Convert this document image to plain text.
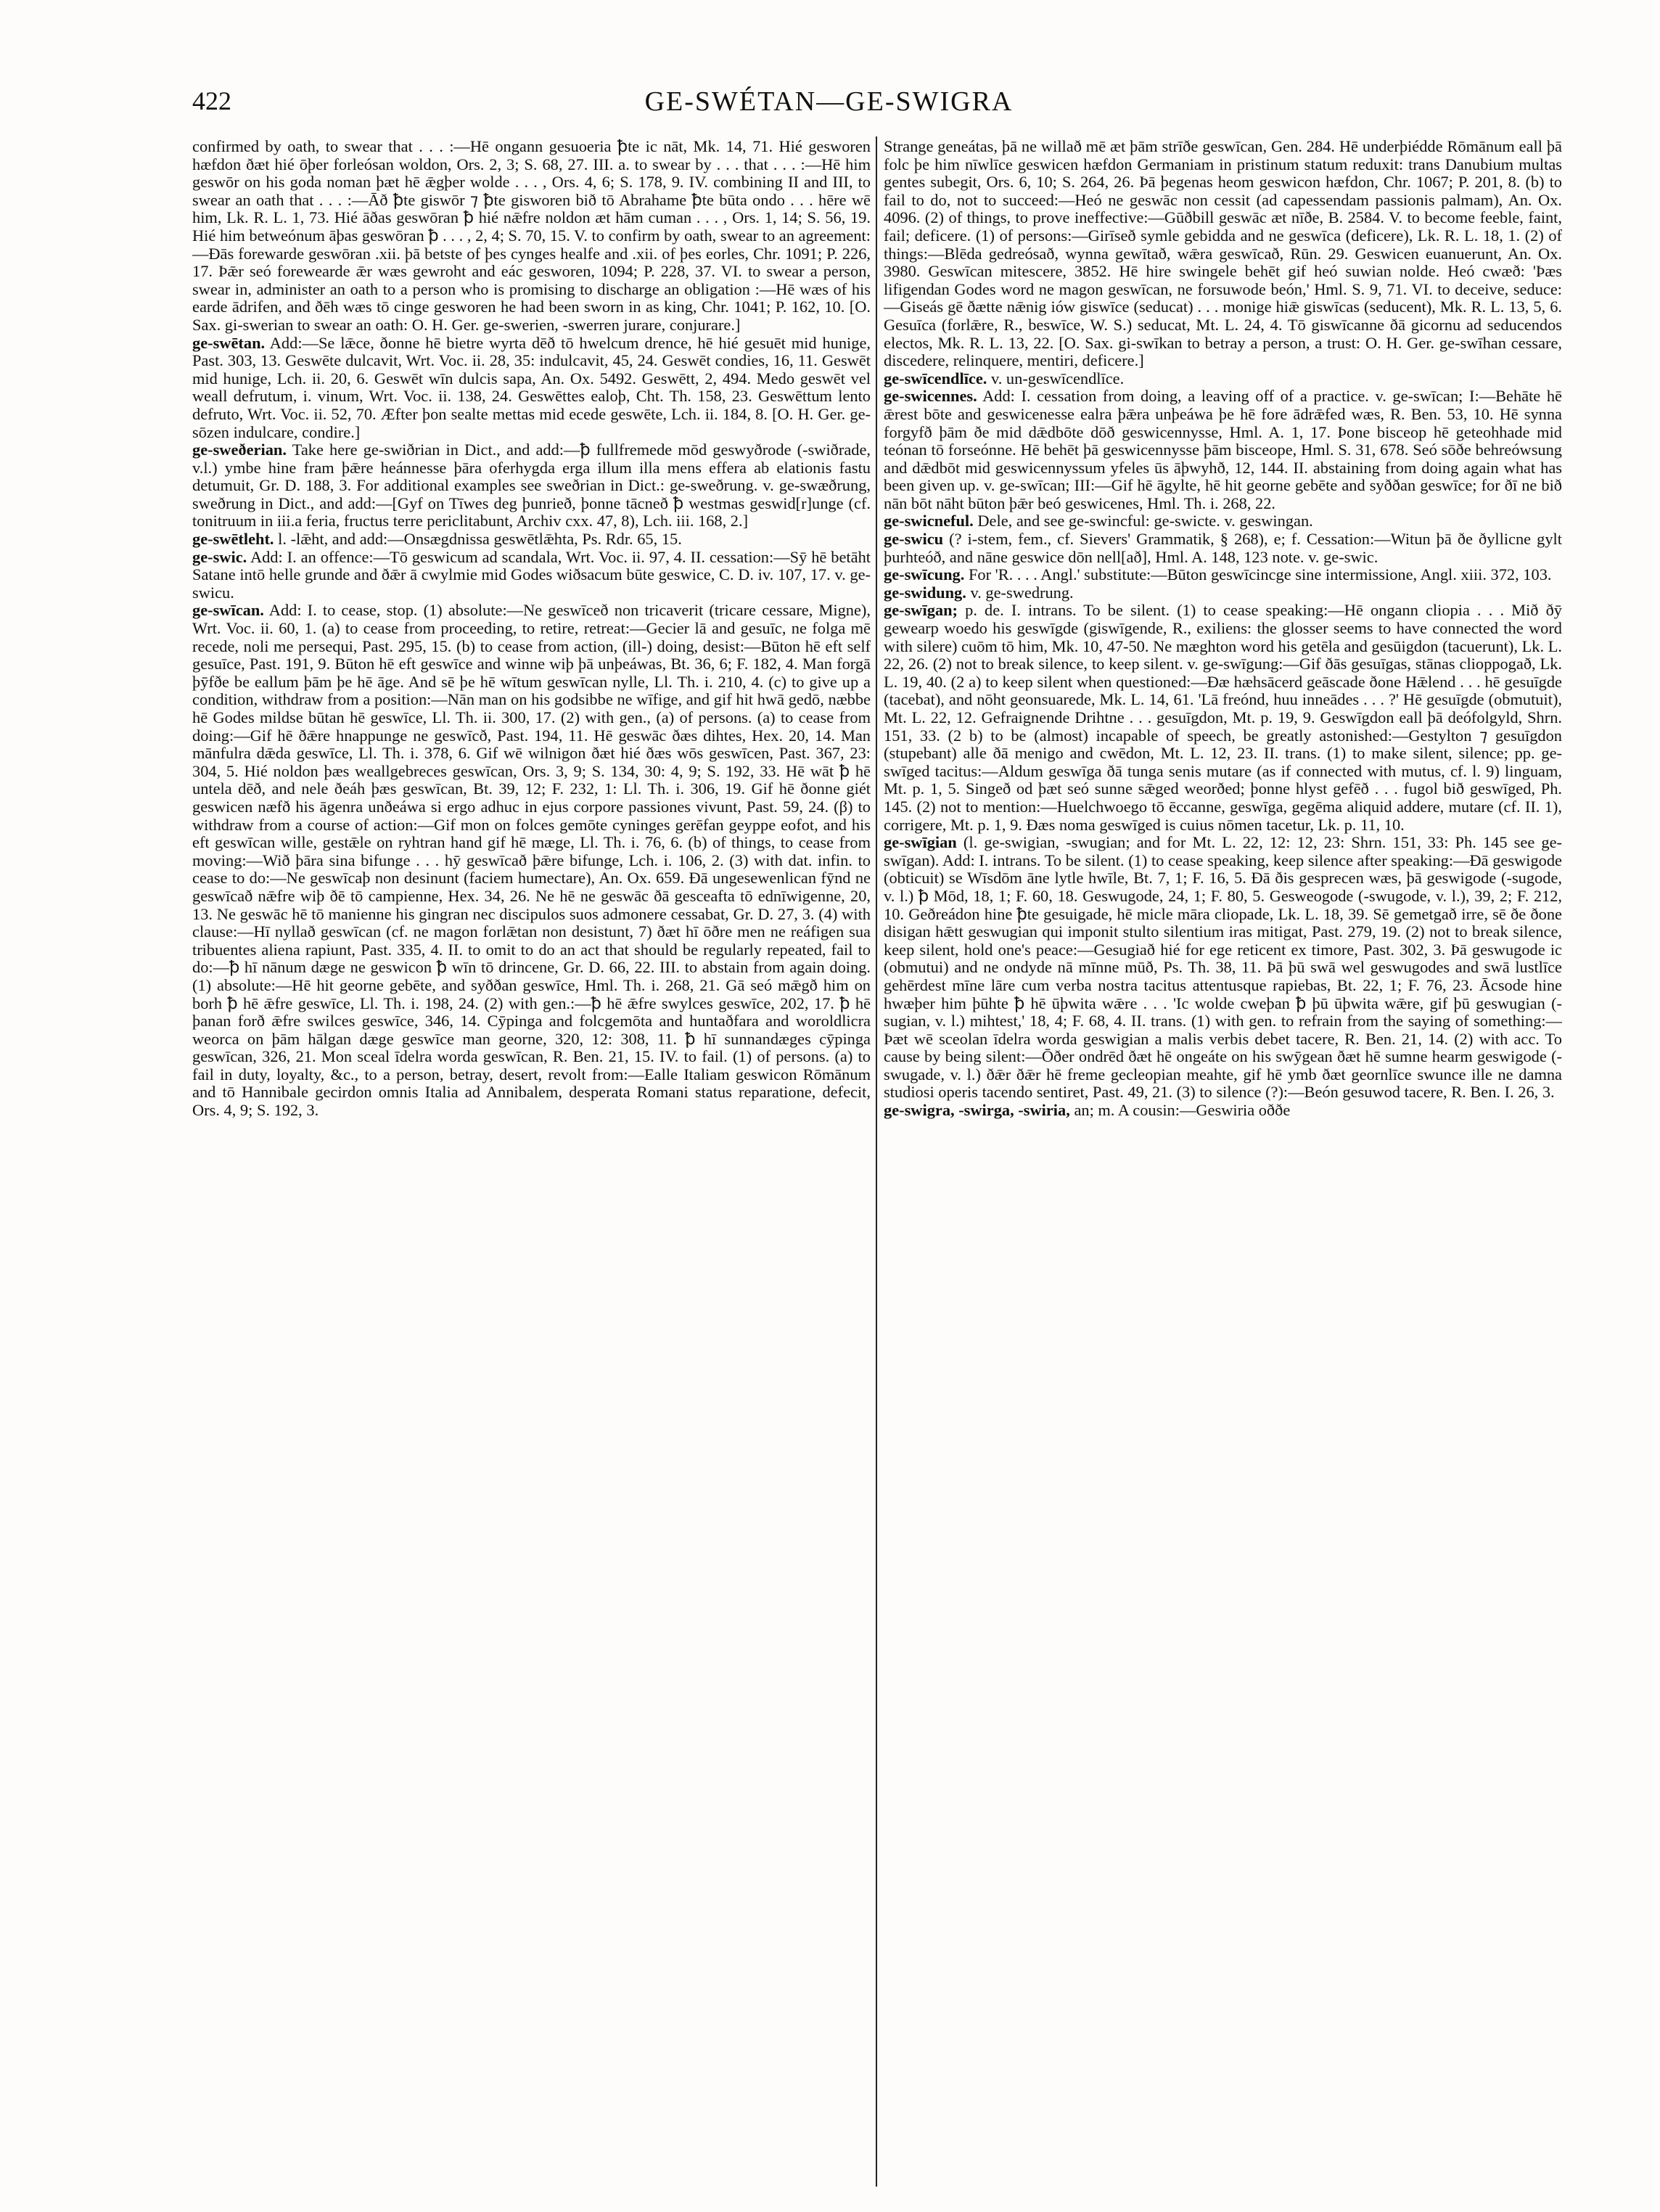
422	GE-SWÉTAN—GE-SWIGRA

confirmed by oath, to swear that . . . :—Hē ongann gesuoeria ꝥte ic nāt, Mk. 14, 71. Hié gesworen hæfdon ðæt hié ōþer forleósan woldon, Ors. 2, 3; S. 68, 27. III. a. to swear by . . . that . . . :—Hē him geswōr on his goda noman þæt hē ǣgþer wolde . . . , Ors. 4, 6; S. 178, 9. IV. combining II and III, to swear an oath that . . . :—Āð ꝥte giswōr ⁊ ꝥte gisworen bið tō Abrahame ꝥte būta ondo . . . hēre wē him, Lk. R. L. 1, 73. Hié āðas geswōran ꝥ hié nǣfre noldon æt hām cuman . . . , Ors. 1, 14; S. 56, 19. Hié him betweónum āþas geswōran ꝥ . . . , 2, 4; S. 70, 15. V. to confirm by oath, swear to an agreement:—Ðās forewarde geswōran .xii. þā betste of þes cynges healfe and .xii. of þes eorles, Chr. 1091; P. 226, 17. Þǣr seó forewearde ǣr wæs gewroht and eác gesworen, 1094; P. 228, 37. VI. to swear a person, swear in, administer an oath to a person who is promising to discharge an obligation :—Hē wæs of his earde ādrifen, and ðēh wæs tō cinge gesworen he had been sworn in as king, Chr. 1041; P. 162, 10. [O. Sax. gi-swerian to swear an oath: O. H. Ger. ge-swerien, -swerren jurare, conjurare.]

ge-swētan. Add:—Se lǣce, ðonne hē bietre wyrta dēð tō hwelcum drence, hē hié gesuēt mid hunige, Past. 303, 13. Geswēte dulcavit, Wrt. Voc. ii. 28, 35: indulcavit, 45, 24. Geswēt condies, 16, 11. Geswēt mid hunige, Lch. ii. 20, 6. Geswēt wīn dulcis sapa, An. Ox. 5492. Geswētt, 2, 494. Medo geswēt vel weall defrutum, i. vinum, Wrt. Voc. ii. 138, 24. Geswēttes ealoþ, Cht. Th. 158, 23. Geswēttum lento defruto, Wrt. Voc. ii. 52, 70. Æfter þon sealte mettas mid ecede geswēte, Lch. ii. 184, 8. [O. H. Ger. ge-sōzen indulcare, condire.]

ge-sweðerian. Take here ge-swiðrian in Dict., and add:—ꝥ fullfremede mōd geswyðrode (-swiðrade, v.l.) ymbe hine fram þǣre heánnesse þāra oferhygda erga illum illa mens effera ab elationis fastu detumuit, Gr. D. 188, 3. For additional examples see sweðrian in Dict.: ge-sweðrung. v. ge-swæðrung, sweðrung in Dict., and add:—[Gyf on Tīwes deg þunrieð, þonne tācneð ꝥ westmas geswid[r]unge (cf. tonitruum in iii.a feria, fructus terre periclitabunt, Archiv cxx. 47, 8), Lch. iii. 168, 2.]

ge-swētleht. l. -lǣht, and add:—Onsægdnissa geswētlǣhta, Ps. Rdr. 65, 15.

ge-swic. Add: I. an offence:—Tō geswicum ad scandala, Wrt. Voc. ii. 97, 4. II. cessation:—Sȳ hē betāht Satane intō helle grunde and ðǣr ā cwylmie mid Godes wiðsacum būte geswice, C. D. iv. 107, 17. v. ge-swicu.

ge-swīcan. Add: I. to cease, stop. (1) absolute:—Ne geswīceð non tricaverit (tricare cessare, Migne), Wrt. Voc. ii. 60, 1. (a) to cease from proceeding, to retire, retreat:—Gecier lā and gesuīc, ne folga mē recede, noli me persequi, Past. 295, 15. (b) to cease from action, (ill-) doing, desist:—Būton hē eft self gesuīce, Past. 191, 9. Būton hē eft geswīce and winne wiþ þā unþeáwas, Bt. 36, 6; F. 182, 4. Man forgā þȳfðe be eallum þām þe hē āge. And sē þe hē wītum geswīcan nylle, Ll. Th. i. 210, 4. (c) to give up a condition, withdraw from a position:—Nān man on his godsibbe ne wīfige, and gif hit hwā gedō, næbbe hē Godes mildse būtan hē geswīce, Ll. Th. ii. 300, 17. (2) with gen., (a) of persons. (a) to cease from doing:—Gif hē ðǣre hnappunge ne geswīcð, Past. 194, 11. Hē geswāc ðæs dihtes, Hex. 20, 14. Man mānfulra dǣda geswīce, Ll. Th. i. 378, 6. Gif wē wilnigon ðæt hié ðæs wōs geswīcen, Past. 367, 23: 304, 5. Hié noldon þæs weallgebreces geswīcan, Ors. 3, 9; S. 134, 30: 4, 9; S. 192, 33. Hē wāt ꝥ hē untela dēð, and nele ðeáh þæs geswīcan, Bt. 39, 12; F. 232, 1: Ll. Th. i. 306, 19. Gif hē ðonne giét geswicen næfð his āgenra unðeáwa si ergo adhuc in ejus corpore passiones vivunt, Past. 59, 24. (β) to withdraw from a course of action:—Gif mon on folces gemōte cyninges gerēfan geyppe eofot, and his eft geswīcan wille, gestǣle on ryhtran hand gif hē mæge, Ll. Th. i. 76, 6. (b) of things, to cease from moving:—Wið þāra sina bifunge . . . hȳ geswīcað þǣre bifunge, Lch. i. 106, 2. (3) with dat. infin. to cease to do:—Ne geswīcaþ non desinunt (faciem humectare), An. Ox. 659. Ðā ungesewenlican fȳnd ne geswīcað nǣfre wiþ ðē tō campienne, Hex. 34, 26. Ne hē ne geswāc ðā gesceafta tō ednīwigenne, 20, 13. Ne geswāc hē tō manienne his gingran nec discipulos suos admonere cessabat, Gr. D. 27, 3. (4) with clause:—Hī nyllað geswīcan (cf. ne magon forlǣtan non desistunt, 7) ðæt hī ōðre men ne reáfigen sua tribuentes aliena rapiunt, Past. 335, 4. II. to omit to do an act that should be regularly repeated, fail to do:—ꝥ hī nānum dæge ne geswicon ꝥ wīn tō drincene, Gr. D. 66, 22. III. to abstain from again doing. (1) absolute:—Hē hit georne gebēte, and syððan geswīce, Hml. Th. i. 268, 21. Gā seó mǣgð him on borh ꝥ hē ǣfre geswīce, Ll. Th. i. 198, 24. (2) with gen.:—ꝥ hē ǣfre swylces geswīce, 202, 17. ꝥ hē þanan forð ǣfre swilces geswīce, 346, 14. Cȳpinga and folcgemōta and huntaðfara and woroldlicra weorca on þām hālgan dæge geswīce man georne, 320, 12: 308, 11. ꝥ hī sunnandæges cȳpinga geswīcan, 326, 21. Mon sceal īdelra worda geswīcan, R. Ben. 21, 15. IV. to fail. (1) of persons. (a) to fail in duty, loyalty, &c., to a person, betray, desert, revolt from:—Ealle Italiam geswicon Rōmānum and tō Hannibale gecirdon omnis Italia ad Annibalem, desperata Romani status reparatione, defecit, Ors. 4, 9; S. 192, 3.

Strange geneátas, þā ne willað mē æt þām strīðe geswīcan, Gen. 284. Hē underþiédde Rōmānum eall þā folc þe him nīwlīce geswicen hæfdon Germaniam in pristinum statum reduxit: trans Danubium multas gentes subegit, Ors. 6, 10; S. 264, 26. Þā þegenas heom geswicon hæfdon, Chr. 1067; P. 201, 8. (b) to fail to do, not to succeed:—Heó ne geswāc non cessit (ad capessendam passionis palmam), An. Ox. 4096. (2) of things, to prove ineffective:—Gūðbill geswāc æt nīðe, B. 2584. V. to become feeble, faint, fail; deficere. (1) of persons:—Girīseð symle gebidda and ne geswīca (deficere), Lk. R. L. 18, 1. (2) of things:—Blēda gedreósað, wynna gewītað, wǣra geswīcað, Rūn. 29. Geswicen euanuerunt, An. Ox. 3980. Geswīcan mitescere, 3852. Hē hire swingele behēt gif heó suwian nolde. Heó cwæð: 'Þæs lifigendan Godes word ne magon geswīcan, ne forsuwode beón,' Hml. S. 9, 71. VI. to deceive, seduce:—Giseás gē ðætte nǣnig iów giswīce (seducat) . . . monige hiǣ giswīcas (seducent), Mk. R. L. 13, 5, 6. Gesuīca (forlǣre, R., beswīce, W. S.) seducat, Mt. L. 24, 4. Tō giswīcanne ðā gicornu ad seducendos electos, Mk. R. L. 13, 22. [O. Sax. gi-swīkan to betray a person, a trust: O. H. Ger. ge-swīhan cessare, discedere, relinquere, mentiri, deficere.]

ge-swīcendlīce. v. un-geswīcendlīce.

ge-swicennes. Add: I. cessation from doing, a leaving off of a practice. v. ge-swīcan; I:—Behāte hē ǣrest bōte and geswicenesse ealra þǣra unþeáwa þe hē fore ādrǣfed wæs, R. Ben. 53, 10. Hē synna forgyfð þām ðe mid dǣdbōte dōð geswicennysse, Hml. A. 1, 17. Þone bisceop hē geteohhade mid teónan tō forseónne. Hē behēt þā geswicennysse þām bisceope, Hml. S. 31, 678. Seó sōðe behreówsung and dǣdbōt mid geswicennyssum yfeles ūs āþwyhð, 12, 144. II. abstaining from doing again what has been given up. v. ge-swīcan; III:—Gif hē āgylte, hē hit georne gebēte and syððan geswīce; for ðī ne bið nān bōt nāht būton þǣr beó geswicenes, Hml. Th. i. 268, 22.

ge-swicneful. Dele, and see ge-swincful: ge-swicte. v. geswingan.

ge-swicu (? i-stem, fem., cf. Sievers' Grammatik, § 268), e; f. Cessation:—Witun þā ðe ðyllicne gylt þurhteóð, and nāne geswice dōn nell[að], Hml. A. 148, 123 note. v. ge-swic.

ge-swīcung. For 'R. . . . Angl.' substitute:—Būton geswīcincge sine intermissione, Angl. xiii. 372, 103.

ge-swidung. v. ge-swedrung.

ge-swīgan; p. de. I. intrans. To be silent. (1) to cease speaking:—Hē ongann cliopia . . . Mið ðȳ gewearp woedo his geswīgde (giswīgende, R., exiliens: the glosser seems to have connected the word with silere) cuōm tō him, Mk. 10, 47-50. Ne mæghton word his getēla and gesūigdon (tacuerunt), Lk. L. 22, 26. (2) not to break silence, to keep silent. v. ge-swīgung:—Gif ðās gesuīgas, stānas clioppogað, Lk. L. 19, 40. (2 a) to keep silent when questioned:—Ðæ hæhsācerd geāscade ðone Hǣlend . . . hē gesuīgde (tacebat), and nōht geonsuarede, Mk. L. 14, 61. 'Lā freónd, huu inneādes . . . ?' Hē gesuīgde (obmutuit), Mt. L. 22, 12. Gefraignende Drihtne . . . gesuīgdon, Mt. p. 19, 9. Geswīgdon eall þā deófolgyld, Shrn. 151, 33. (2 b) to be (almost) incapable of speech, be greatly astonished:—Gestylton ⁊ gesuīgdon (stupebant) alle ðā menigo and cwēdon, Mt. L. 12, 23. II. trans. (1) to make silent, silence; pp. ge-swīged tacitus:—Aldum geswīga ðā tunga senis mutare (as if connected with mutus, cf. l. 9) linguam, Mt. p. 1, 5. Singeð od þæt seó sunne sǣged weorðed; þonne hlyst gefēð . . . fugol bið geswīged, Ph. 145. (2) not to mention:—Huelchwoego tō ēccanne, geswīga, gegēma aliquid addere, mutare (cf. II. 1), corrigere, Mt. p. 1, 9. Ðæs noma geswīged is cuius nōmen tacetur, Lk. p. 11, 10.

ge-swīgian (l. ge-swigian, -swugian; and for Mt. L. 22, 12: 12, 23: Shrn. 151, 33: Ph. 145 see ge-swīgan). Add: I. intrans. To be silent. (1) to cease speaking, keep silence after speaking:—Ðā geswigode (obticuit) se Wīsdōm āne lytle hwīle, Bt. 7, 1; F. 16, 5. Ðā ðis gesprecen wæs, þā geswigode (-sugode, v. l.) ꝥ Mōd, 18, 1; F. 60, 18. Geswugode, 24, 1; F. 80, 5. Gesweogode (-swugode, v. l.), 39, 2; F. 212, 10. Geðreádon hine ꝥte gesuigade, hē micle māra cliopade, Lk. L. 18, 39. Sē gemetgað irre, sē ðe ðone disigan hǣtt geswugian qui imponit stulto silentium iras mitigat, Past. 279, 19. (2) not to break silence, keep silent, hold one's peace:—Gesugiað hié for ege reticent ex timore, Past. 302, 3. Þā geswugode ic (obmutui) and ne ondyde nā mīnne mūð, Ps. Th. 38, 11. Þā þū swā wel geswugodes and swā lustlīce gehērdest mīne lāre cum verba nostra tacitus attentusque rapiebas, Bt. 22, 1; F. 76, 23. Ācsode hine hwæþer him þūhte ꝥ hē ūþwita wǣre . . . 'Ic wolde cweþan ꝥ þū ūþwita wǣre, gif þū geswugian (-sugian, v. l.) mihtest,' 18, 4; F. 68, 4. II. trans. (1) with gen. to refrain from the saying of something:—Þæt wē sceolan īdelra worda geswigian a malis verbis debet tacere, R. Ben. 21, 14. (2) with acc. To cause by being silent:—Ōðer ondrēd ðæt hē ongeáte on his swȳgean ðæt hē sumne hearm geswigode (-swugade, v. l.) ðǣr ðǣr hē freme gecleopian meahte, gif hē ymb ðæt geornlīce swunce ille ne damna studiosi operis tacendo sentiret, Past. 49, 21. (3) to silence (?):—Beón gesuwod tacere, R. Ben. I. 26, 3.

ge-swigra, -swirga, -swiria, an; m. A cousin:—Geswiria oððe
